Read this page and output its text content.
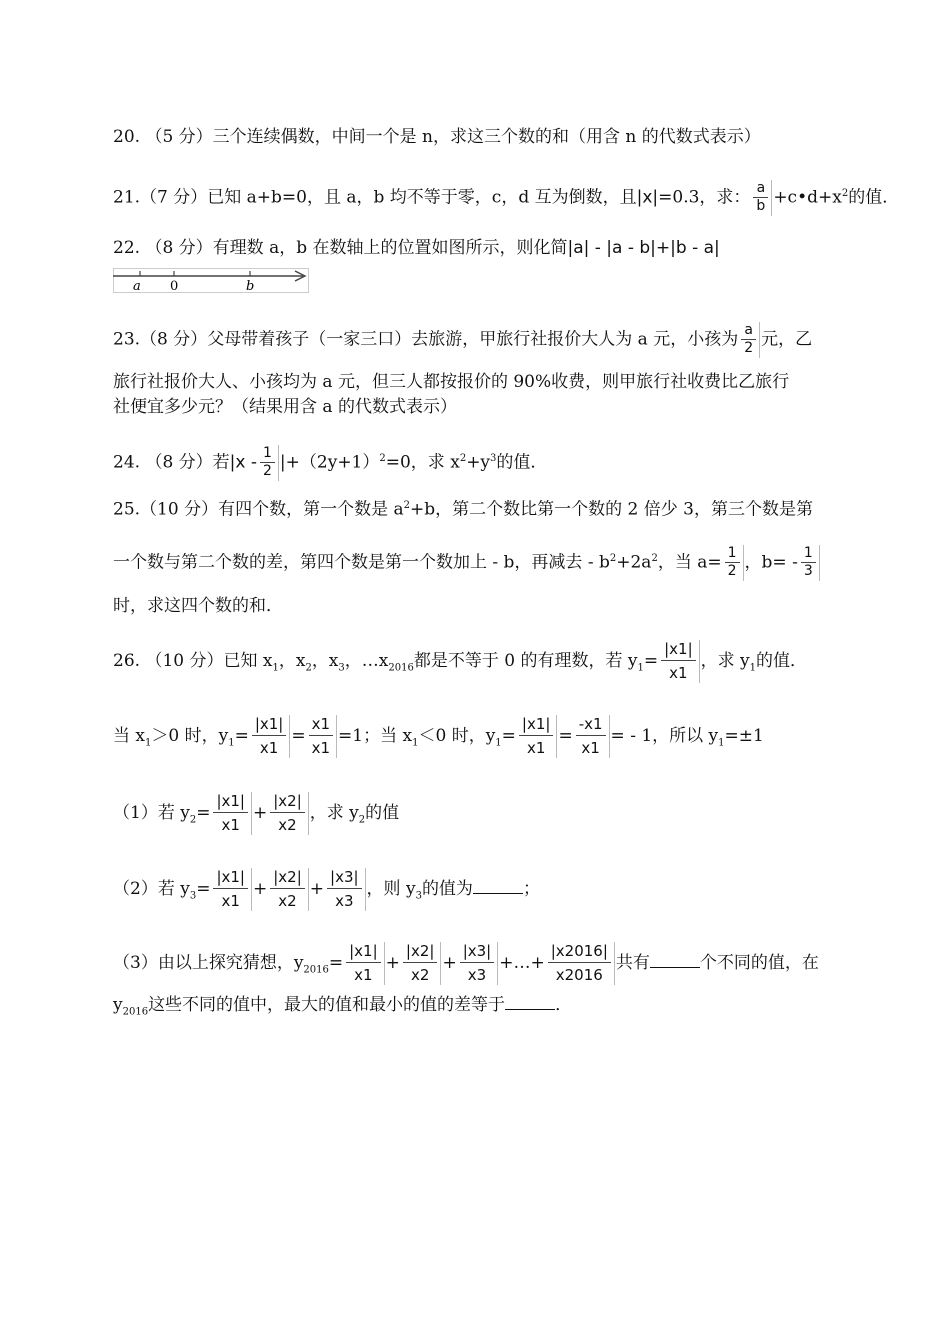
20. （5 分）三个连续偶数，中间一个是 n，求这三个数的和（用含 n 的代数式表示）
21.（7 分）已知 a+b=0，且 a，b 均不等于零，c，d 互为倒数，且|x|=0.3，求： $\frac{a}{b}$ $+c•d+x^2$的值．
22. （8 分）有理数 a，b 在数轴上的位置如图所示，则化简|a| - |a - b|+|b - a|
a 0	b
23.（8 分）父母带着孩子（一家三口）去旅游，甲旅行社报价大人为 a 元，小孩为 $\frac{a}{2}$ 元，乙
旅行社报价大人、小孩均为 a 元，但三人都按报价的 90%收费，则甲旅行社收费比乙旅行
社便宜多少元？（结果用含 a 的代数式表示）
24. （8 分）若$|x - \frac{1}{2} |+(2y+1)^2=0$，求 $x^2+y^3$的值．
25.（10 分）有四个数，第一个数是 $a^2+b$，第二个数比第一个数的 2 倍少 3，第三个数是第
一个数与第二个数的差，第四个数是第一个数加上 - b，再减去 - $b^2+2a^2$，当 $a= \frac{1}{2}$ ，$b= - \frac{1}{3}$
时，求这四个数的和．
26. （10 分）已知 $x_1$，$x_2$，$x_3$，$\dots x_{2016}$都是不等于 0 的有理数，若 $y_1= \frac{|x1|}{x1}$ ，求 $y_1$的值．
当 $x_1>0$ 时，$y_1= \frac{|x1|}{x1} = \frac{x1}{x1} =1$；当 $x_1<0$ 时，$y_1= \frac{|x1|}{x1} = \frac{-x1}{x1}$ = - 1，所以 $y_1=\pm 1$
（1）若 $y_2= \frac{|x1|}{x1} + \frac{|x2|}{x2}$ ，求 $y_2$的值
（2）若 $y_3= \frac{|x1|}{x1} + \frac{|x2|}{x2} + \frac{|x3|}{x3}$ ，则 $y_3$的值为	；
（3）由以上探究猜想，$y_{2016}= \frac{|x1|}{x1} + \frac{|x2|}{x2} + \frac{|x3|}{x3}$ +…+ $\frac{|x2016|}{x2016}$ 共有	个不同的值，在
$y_{2016}$这些不同的值中，最大的值和最小的值的差等于	．
